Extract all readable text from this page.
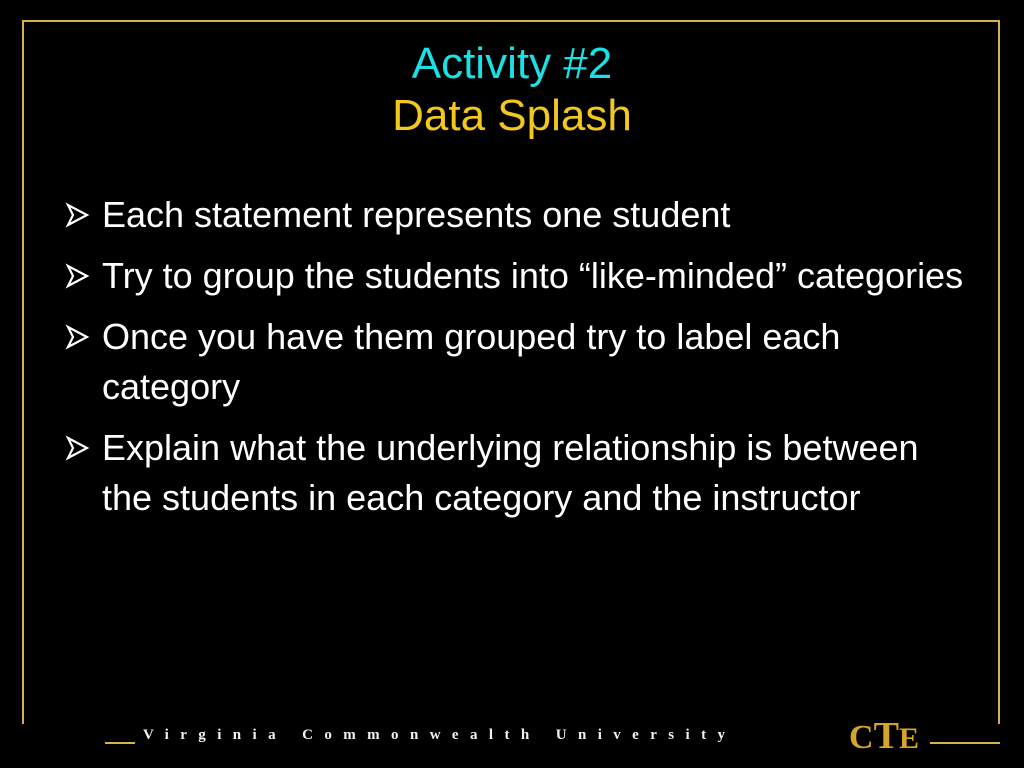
Activity #2
Data Splash
Each statement represents one student
Try to group the students into “like-minded” categories
Once you have them grouped try to label each category
Explain what the underlying relationship is between the students in each category and the instructor
Virginia Commonwealth University	CTE
